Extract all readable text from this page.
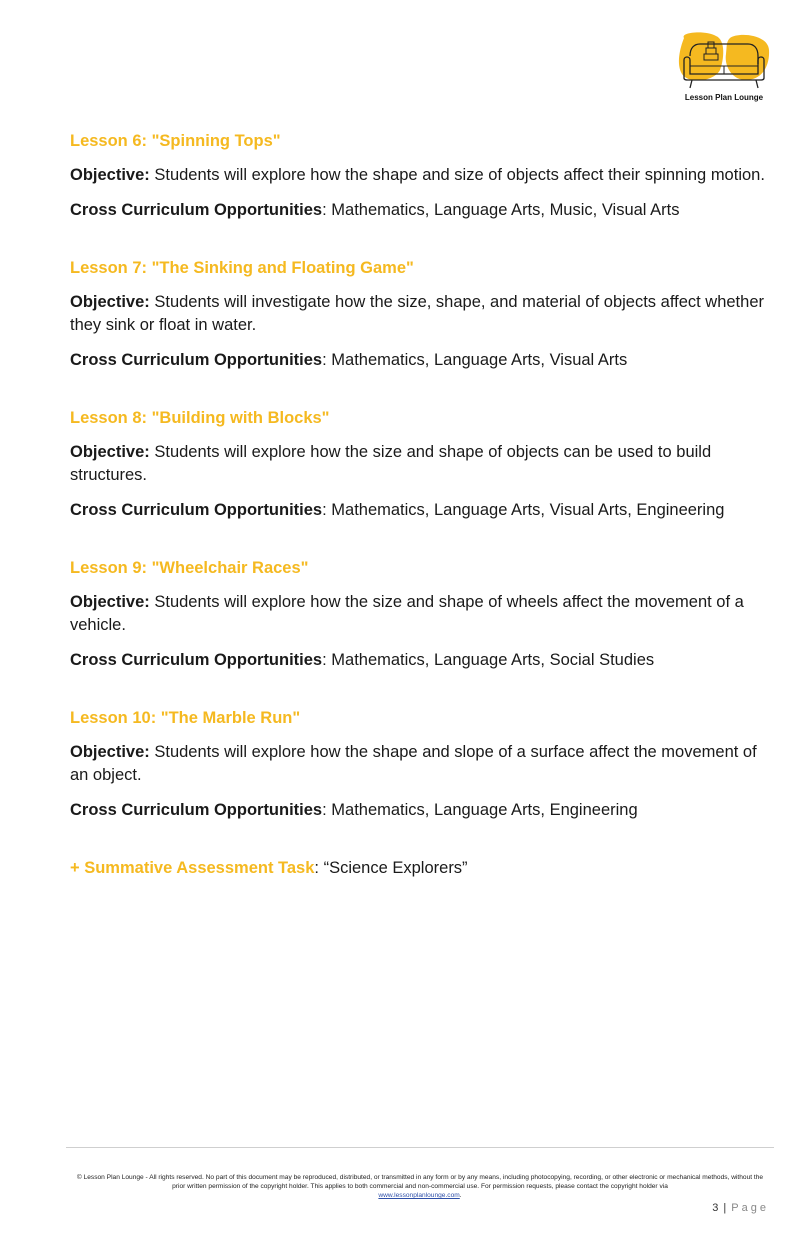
Lesson Plan Lounge
Lesson 6: "Spinning Tops"
Objective: Students will explore how the shape and size of objects affect their spinning motion.
Cross Curriculum Opportunities: Mathematics, Language Arts, Music, Visual Arts
Lesson 7: "The Sinking and Floating Game"
Objective: Students will investigate how the size, shape, and material of objects affect whether they sink or float in water.
Cross Curriculum Opportunities: Mathematics, Language Arts, Visual Arts
Lesson 8: "Building with Blocks"
Objective: Students will explore how the size and shape of objects can be used to build structures.
Cross Curriculum Opportunities: Mathematics, Language Arts, Visual Arts, Engineering
Lesson 9: "Wheelchair Races"
Objective: Students will explore how the size and shape of wheels affect the movement of a vehicle.
Cross Curriculum Opportunities: Mathematics, Language Arts, Social Studies
Lesson 10: "The Marble Run"
Objective: Students will explore how the shape and slope of a surface affect the movement of an object.
Cross Curriculum Opportunities: Mathematics, Language Arts, Engineering
+ Summative Assessment Task: “Science Explorers”
© Lesson Plan Lounge - All rights reserved. No part of this document may be reproduced, distributed, or transmitted in any form or by any means, including photocopying, recording, or other electronic or mechanical methods, without the prior written permission of the copyright holder. This applies to both commercial and non-commercial use. For permission requests, please contact the copyright holder via
www.lessonplanlounge.com.
3 | Page
